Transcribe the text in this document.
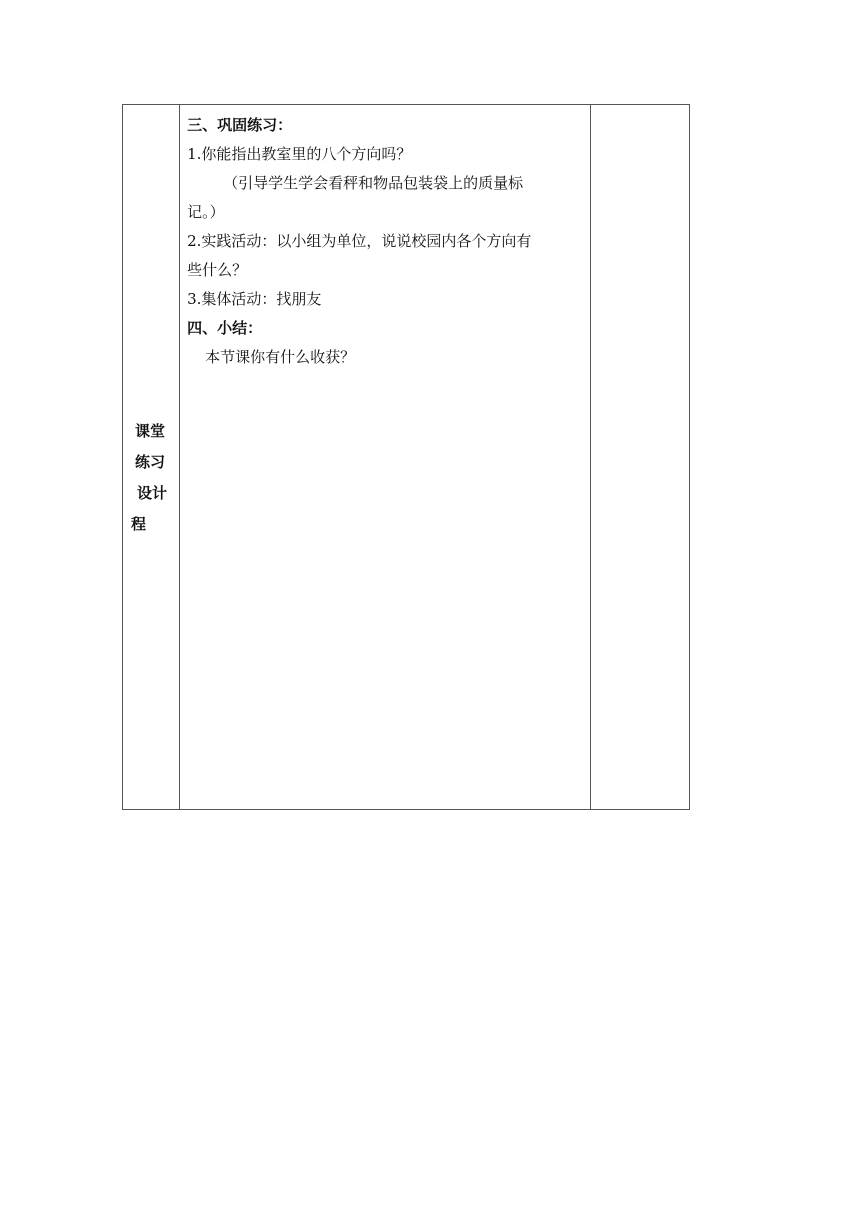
课堂
练习
设计
程

三、巩固练习：

1.你能指出教室里的八个方向吗？

（引导学生学会看秤和物品包装袋上的质量标

记。）

2.实践活动：以小组为单位，说说校园内各个方向有

些什么？

3.集体活动：找朋友

四、小结：

本节课你有什么收获？
